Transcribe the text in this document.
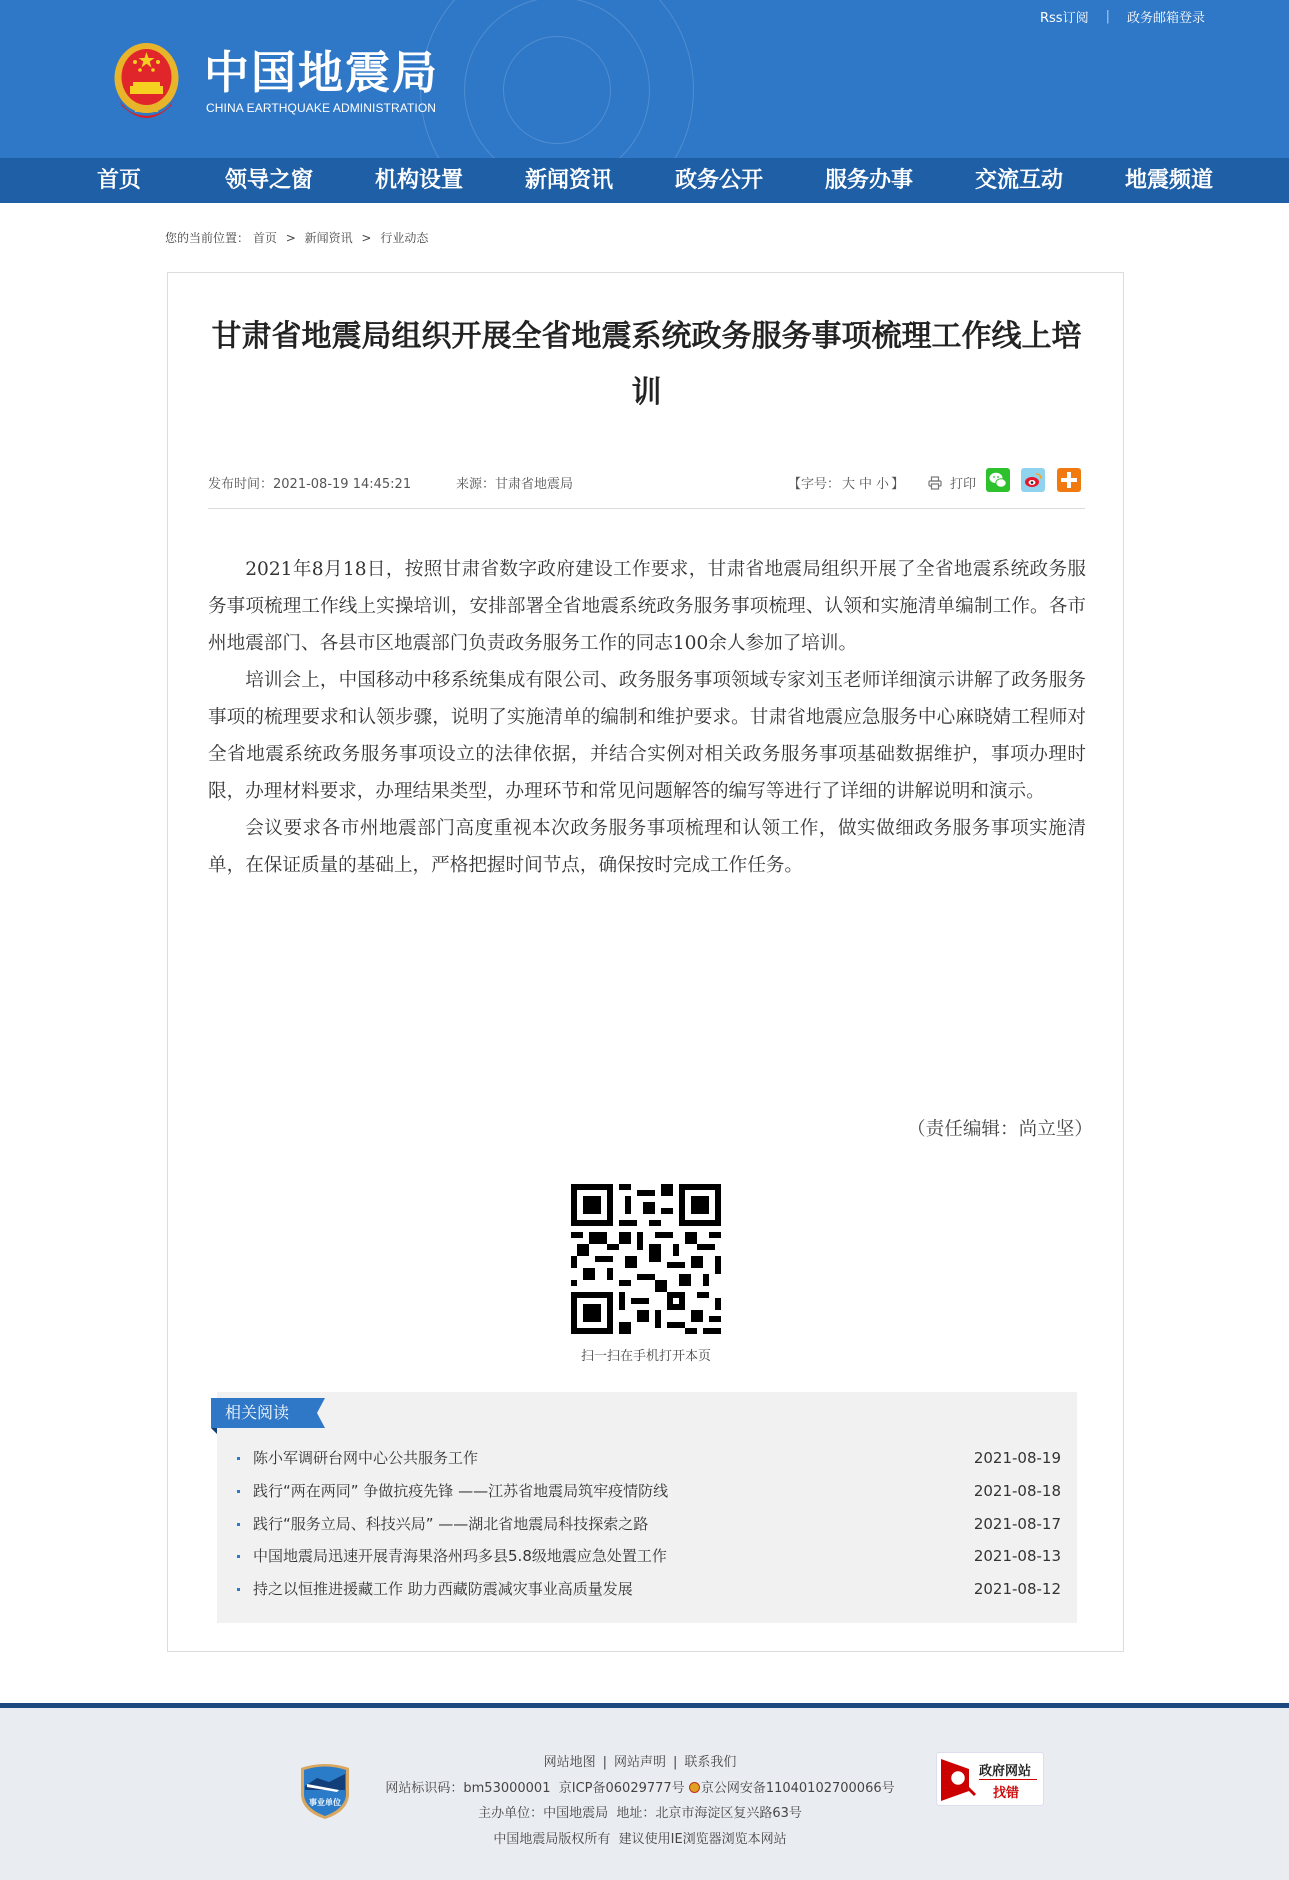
中国地震局
CHINA EARTHQUAKE ADMINISTRATION
Rss订阅 | 政务邮箱登录
首页	领导之窗	机构设置	新闻资讯	政务公开	服务办事	交流互动	地震频道
您的当前位置： 首页 > 新闻资讯 > 行业动态
甘肃省地震局组织开展全省地震系统政务服务事项梳理工作线上培训
发布时间：2021-08-19 14:45:21	来源：甘肃省地震局	【字号： 大 中 小 】	打印

2021年8月18日，按照甘肃省数字政府建设工作要求，甘肃省地震局组织开展了全省地震系统政务服务事项梳理工作线上实操培训，安排部署全省地震系统政务服务事项梳理、认领和实施清单编制工作。各市州地震部门、各县市区地震部门负责政务服务工作的同志100余人参加了培训。

培训会上，中国移动中移系统集成有限公司、政务服务事项领域专家刘玉老师详细演示讲解了政务服务事项的梳理要求和认领步骤，说明了实施清单的编制和维护要求。甘肃省地震应急服务中心麻晓婧工程师对全省地震系统政务服务事项设立的法律依据，并结合实例对相关政务服务事项基础数据维护，事项办理时限，办理材料要求，办理结果类型，办理环节和常见问题解答的编写等进行了详细的讲解说明和演示。

会议要求各市州地震部门高度重视本次政务服务事项梳理和认领工作，做实做细政务服务事项实施清单，在保证质量的基础上，严格把握时间节点，确保按时完成工作任务。

（责任编辑：尚立坚）
扫一扫在手机打开本页
相关阅读
陈小军调研台网中心公共服务工作	2021-08-19
践行“两在两同” 争做抗疫先锋 ——江苏省地震局筑牢疫情防线	2021-08-18
践行“服务立局、科技兴局” ——湖北省地震局科技探索之路	2021-08-17
中国地震局迅速开展青海果洛州玛多县5.8级地震应急处置工作	2021-08-13
持之以恒推进援藏工作 助力西藏防震减灾事业高质量发展	2021-08-12
事业单位
网站地图 | 网站声明 | 联系我们
网站标识码：bm53000001 京ICP备06029777号 京公网安备11040102700066号
主办单位：中国地震局 地址：北京市海淀区复兴路63号
中国地震局版权所有 建议使用IE浏览器浏览本网站
政府网站
找错
